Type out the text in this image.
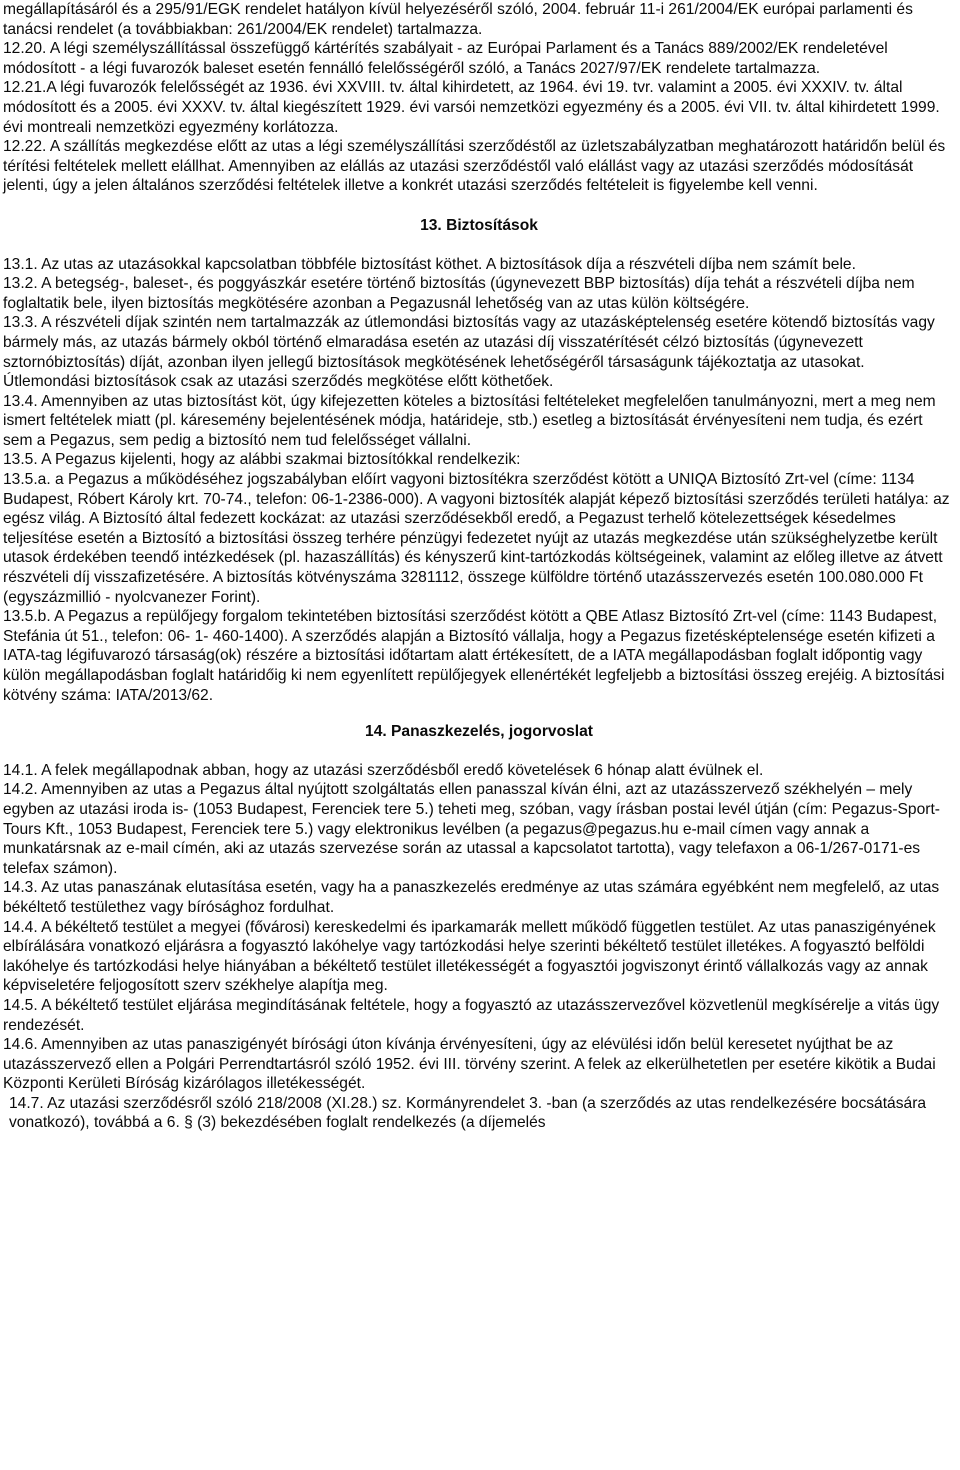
megállapításáról és a 295/91/EGK rendelet hatályon kívül helyezéséről szóló, 2004. február 11-i 261/2004/EK európai parlamenti és tanácsi rendelet (a továbbiakban: 261/2004/EK rendelet) tartalmazza.

12.20. A légi személyszállítással összefüggő kártérítés szabályait - az Európai Parlament és a Tanács 889/2002/EK rendeletével módosított - a légi fuvarozók baleset esetén fennálló felelősségéről szóló, a Tanács 2027/97/EK rendelete tartalmazza.

12.21.A légi fuvarozók felelősségét az 1936. évi XXVIII. tv. által kihirdetett, az 1964. évi 19. tvr. valamint a 2005. évi XXXIV. tv. által módosított és a 2005. évi XXXV. tv. által kiegészített 1929. évi varsói nemzetközi egyezmény és a 2005. évi VII. tv. által kihirdetett 1999. évi montreali nemzetközi egyezmény korlátozza.

12.22. A szállítás megkezdése előtt az utas a légi személyszállítási szerződéstől az üzletszabályzatban meghatározott határidőn belül és térítési feltételek mellett elállhat. Amennyiben az elállás az utazási szerződéstől való elállást vagy az utazási szerződés módosítását jelenti, úgy a jelen általános szerződési feltételek illetve a konkrét utazási szerződés feltételeit is figyelembe kell venni.

13. Biztosítások

13.1. Az utas az utazásokkal kapcsolatban többféle biztosítást köthet. A biztosítások díja a részvételi díjba nem számít bele.

13.2. A betegség-, baleset-, és poggyászkár esetére történő biztosítás (úgynevezett BBP biztosítás) díja tehát a részvételi díjba nem foglaltatik bele, ilyen biztosítás megkötésére azonban a Pegazusnál lehetőség van az utas külön költségére.

13.3. A részvételi díjak szintén nem tartalmazzák az útlemondási biztosítás vagy az utazásképtelenség esetére kötendő biztosítás vagy bármely más, az utazás bármely okból történő elmaradása esetén az utazási díj visszatérítését célzó biztosítás (úgynevezett sztornóbiztosítás) díját, azonban ilyen jellegű biztosítások megkötésének lehetőségéről társaságunk tájékoztatja az utasokat. Útlemondási biztosítások csak az utazási szerződés megkötése előtt köthetőek.

13.4. Amennyiben az utas biztosítást köt, úgy kifejezetten köteles a biztosítási feltételeket megfelelően tanulmányozni, mert a meg nem ismert feltételek miatt (pl. káresemény bejelentésének módja, határideje, stb.) esetleg a biztosítását érvényesíteni nem tudja, és ezért sem a Pegazus, sem pedig a biztosító nem tud felelősséget vállalni.

13.5. A Pegazus kijelenti, hogy az alábbi szakmai biztosítókkal rendelkezik:

13.5.a. a Pegazus a működéséhez jogszabályban előírt vagyoni biztosítékra szerződést kötött a UNIQA Biztosító Zrt-vel (címe: 1134 Budapest, Róbert Károly krt. 70-74., telefon: 06-1-2386-000). A vagyoni biztosíték alapját képező biztosítási szerződés területi hatálya: az egész világ. A Biztosító által fedezett kockázat: az utazási szerződésekből eredő, a Pegazust terhelő kötelezettségek késedelmes teljesítése esetén a Biztosító a biztosítási összeg terhére pénzügyi fedezetet nyújt az utazás megkezdése után szükséghelyzetbe került utasok érdekében teendő intézkedések (pl. hazaszállítás) és kényszerű kint-tartózkodás költségeinek, valamint az előleg illetve az átvett részvételi díj visszafizetésére. A biztosítás kötvényszáma 3281112, összege külföldre történő utazásszervezés esetén 100.080.000 Ft (egyszázmillió - nyolcvanezer Forint).

13.5.b. A Pegazus a repülőjegy forgalom tekintetében biztosítási szerződést kötött a QBE Atlasz Biztosító Zrt-vel (címe: 1143 Budapest, Stefánia út 51., telefon: 06- 1- 460-1400). A szerződés alapján a Biztosító vállalja, hogy a Pegazus fizetésképtelensége esetén kifizeti a IATA-tag légifuvarozó társaság(ok) részére a biztosítási időtartam alatt értékesített, de a IATA megállapodásban foglalt időpontig vagy külön megállapodásban foglalt határidőig ki nem egyenlített repülőjegyek ellenértékét legfeljebb a biztosítási összeg erejéig. A biztosítási kötvény száma: IATA/2013/62.

14. Panaszkezelés, jogorvoslat

14.1. A felek megállapodnak abban, hogy az utazási szerződésből eredő követelések 6 hónap alatt évülnek el.

14.2. Amennyiben az utas a Pegazus által nyújtott szolgáltatás ellen panasszal kíván élni, azt az utazásszervező székhelyén – mely egyben az utazási iroda is- (1053 Budapest, Ferenciek tere 5.) teheti meg, szóban, vagy írásban postai levél útján (cím: Pegazus-Sport-Tours Kft., 1053 Budapest, Ferenciek tere 5.) vagy elektronikus levélben (a pegazus@pegazus.hu e-mail címen vagy annak a munkatársnak az e-mail címén, aki az utazás szervezése során az utassal a kapcsolatot tartotta), vagy telefaxon a 06-1/267-0171-es telefax számon).

14.3. Az utas panaszának elutasítása esetén, vagy ha a panaszkezelés eredménye az utas számára egyébként nem megfelelő, az utas békéltető testülethez vagy bírósághoz fordulhat.

14.4. A békéltető testület a megyei (fővárosi) kereskedelmi és iparkamarák mellett működő független testület. Az utas panaszigényének elbírálására vonatkozó eljárásra a fogyasztó lakóhelye vagy tartózkodási helye szerinti békéltető testület illetékes. A fogyasztó belföldi lakóhelye és tartózkodási helye hiányában a békéltető testület illetékességét a fogyasztói jogviszonyt érintő vállalkozás vagy az annak képviseletére feljogosított szerv székhelye alapítja meg.

14.5. A békéltető testület eljárása megindításának feltétele, hogy a fogyasztó az utazásszervezővel közvetlenül megkísérelje a vitás ügy rendezését.

14.6. Amennyiben az utas panaszigényét bírósági úton kívánja érvényesíteni, úgy az elévülési időn belül keresetet nyújthat be az utazásszervező ellen a Polgári Perrendtartásról szóló 1952. évi III. törvény szerint. A felek az elkerülhetetlen per esetére kikötik a Budai Központi Kerületi Bíróság kizárólagos illetékességét.

14.7. Az utazási szerződésről szóló 218/2008 (XI.28.) sz. Kormányrendelet 3. -ban (a szerződés az utas rendelkezésére bocsátására vonatkozó), továbbá a 6. § (3) bekezdésében foglalt rendelkezés (a díjemelés
